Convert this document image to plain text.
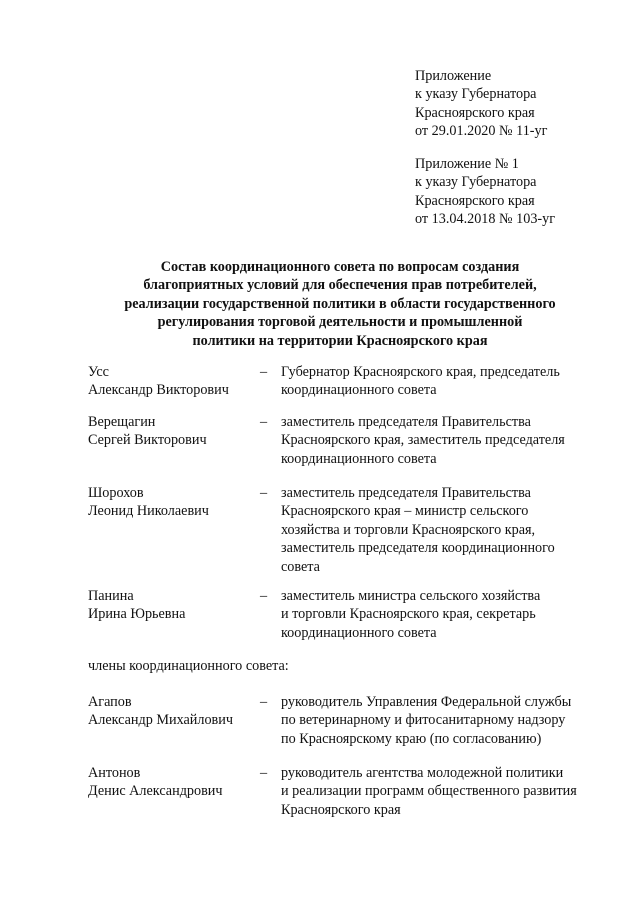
Приложение
к указу Губернатора
Красноярского края
от 29.01.2020 № 11-уг
Приложение № 1
к указу Губернатора
Красноярского края
от 13.04.2018 № 103-уг
Состав координационного совета по вопросам создания
благоприятных условий для обеспечения прав потребителей,
реализации государственной политики в области государственного
регулирования торговой деятельности и промышленной
политики на территории Красноярского края
Усс
Александр Викторович
– Губернатор Красноярского края, председатель
координационного совета
Верещагин
Сергей Викторович
– заместитель председателя Правительства
Красноярского края, заместитель председателя
координационного совета
Шорохов
Леонид Николаевич
– заместитель председателя Правительства
Красноярского края – министр сельского
хозяйства и торговли Красноярского края,
заместитель председателя координационного
совета
Панина
Ирина Юрьевна
– заместитель министра сельского хозяйства
и торговли Красноярского края, секретарь
координационного совета
члены координационного совета:
Агапов
Александр Михайлович
– руководитель Управления Федеральной службы
по ветеринарному и фитосанитарному надзору
по Красноярскому краю (по согласованию)
Антонов
Денис Александрович
– руководитель агентства молодежной политики
и реализации программ общественного развития
Красноярского края
